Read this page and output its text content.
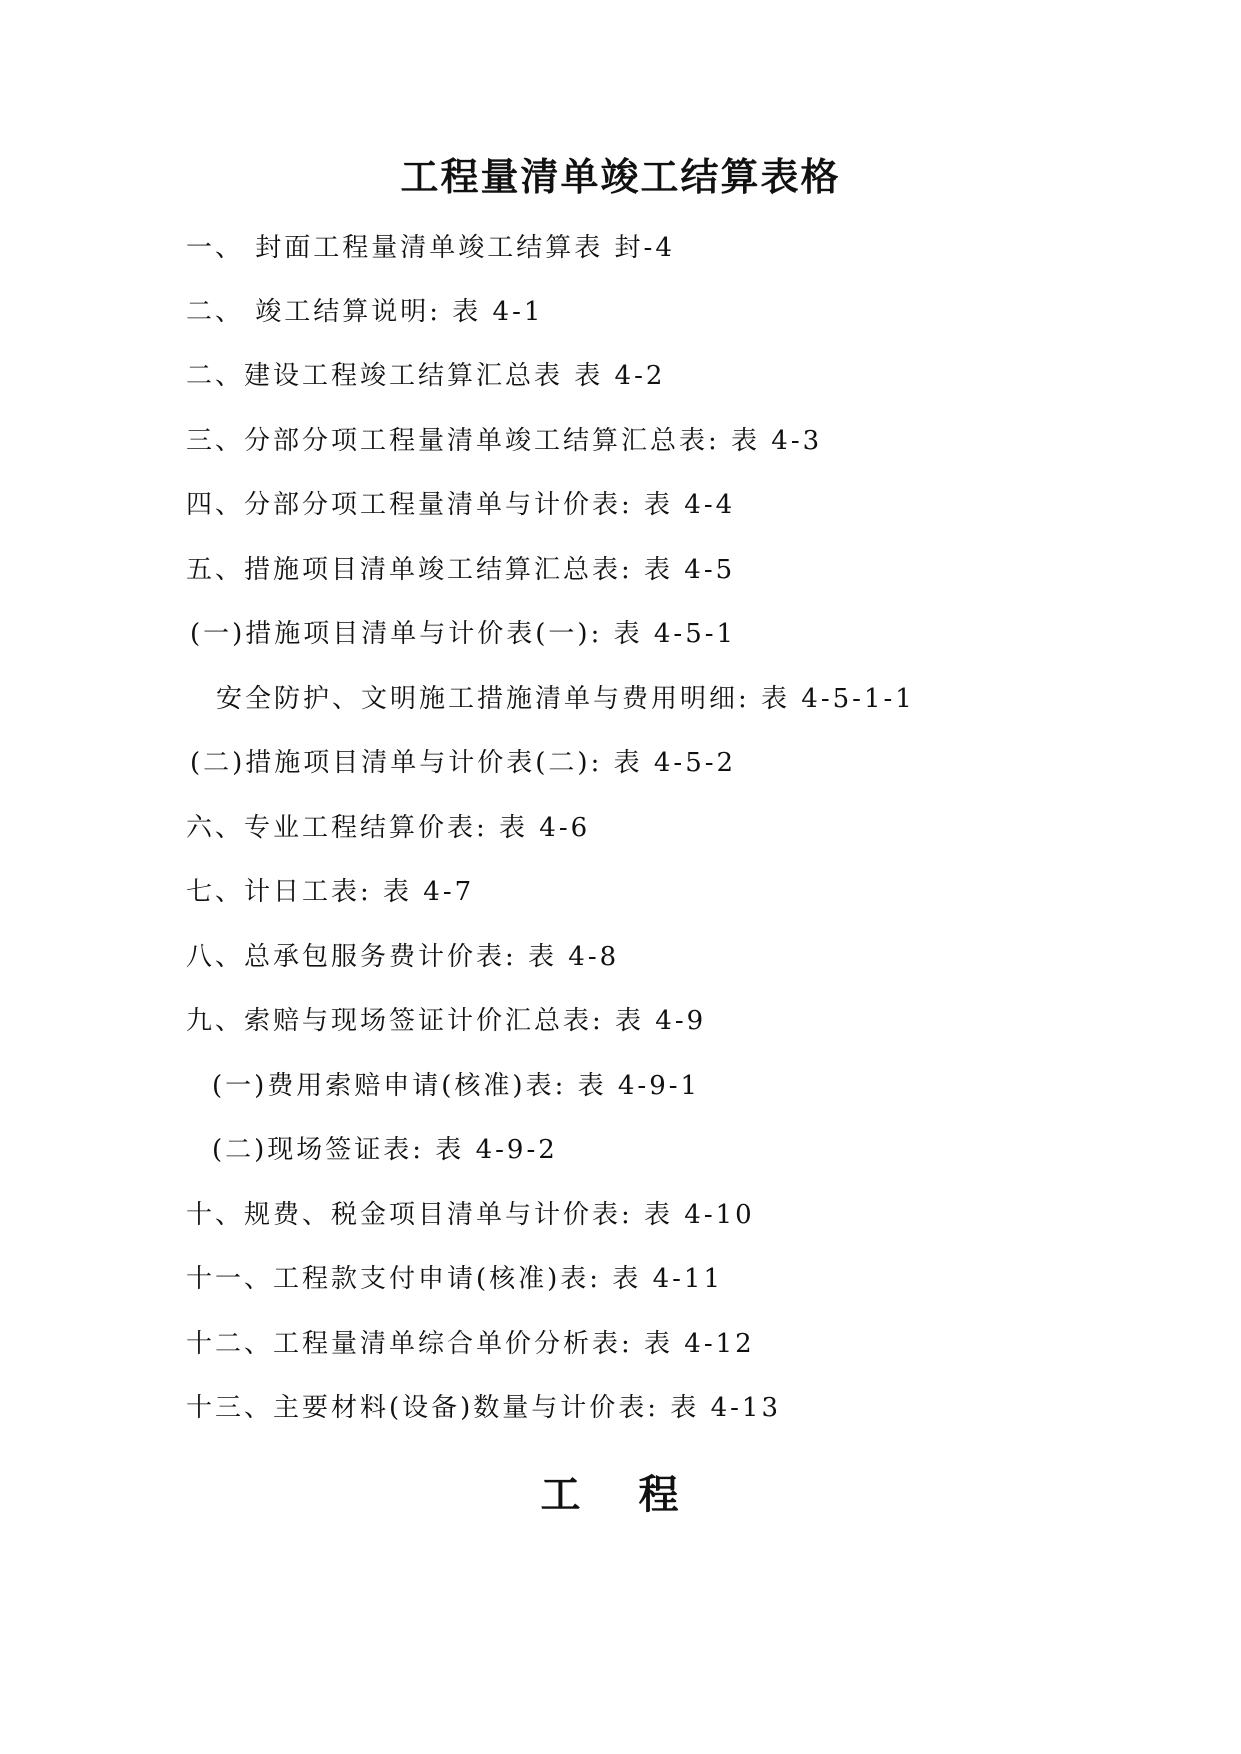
工程量清单竣工结算表格
一、 封面工程量清单竣工结算表 封-4
二、 竣工结算说明: 表 4-1
二、建设工程竣工结算汇总表 表 4-2
三、分部分项工程量清单竣工结算汇总表: 表 4-3
四、分部分项工程量清单与计价表: 表 4-4
五、措施项目清单竣工结算汇总表: 表 4-5
(一)措施项目清单与计价表(一): 表 4-5-1
安全防护、文明施工措施清单与费用明细: 表 4-5-1-1
(二)措施项目清单与计价表(二): 表 4-5-2
六、专业工程结算价表: 表 4-6
七、计日工表: 表 4-7
八、总承包服务费计价表: 表 4-8
九、索赔与现场签证计价汇总表: 表 4-9
(一)费用索赔申请(核准)表: 表 4-9-1
(二)现场签证表: 表 4-9-2
十、规费、税金项目清单与计价表: 表 4-10
十一、工程款支付申请(核准)表: 表 4-11
十二、工程量清单综合单价分析表: 表 4-12
十三、主要材料(设备)数量与计价表: 表 4-13
工 程
